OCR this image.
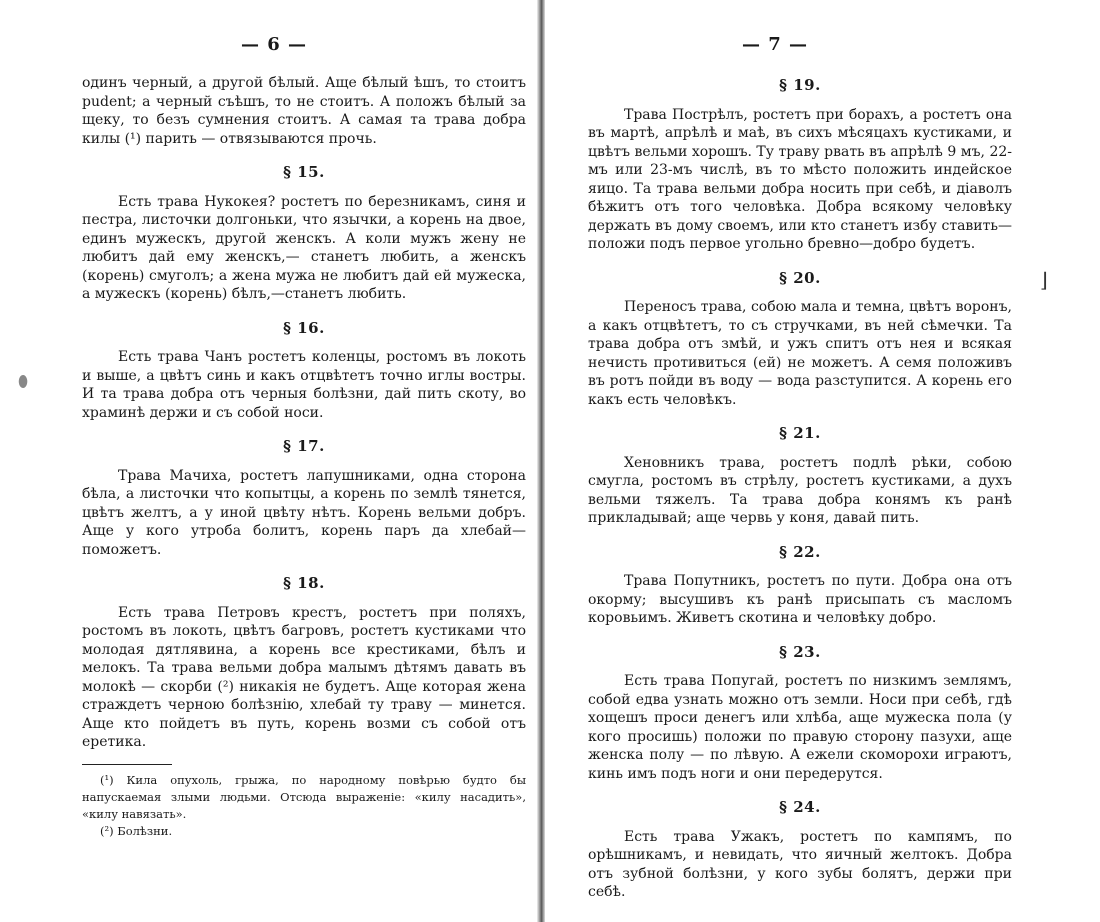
⬮
⌋
— 6 —

одинъ черный, а другой бѣлый. Аще бѣлый ѣшъ, то стоитъ pudent; а черный съѣшъ, то не стоитъ. А положъ бѣлый за щеку, то безъ сумнения стоитъ. А самая та трава добра килы (¹) парить — отвязываются прочь.

§ 15.

Есть трава Нукокея? ростетъ по березникамъ, синя и пестра, листочки долгоньки, что язычки, а корень на двое, единъ мужескъ, другой женскъ. А коли мужъ жену не любитъ дай ему женскъ,— станетъ любить, а женскъ (корень) смуголъ; а жена мужа не любитъ дай ей мужеска, а мужескъ (корень) бѣлъ,—станетъ любить.

§ 16.

Есть трава Чанъ ростетъ коленцы, ростомъ въ локоть и выше, а цвѣтъ синь и какъ отцвѣтетъ точно иглы востры. И та трава добра отъ черныя болѣзни, дай пить скоту, во храминѣ держи и съ собой носи.

§ 17.

Трава Мачиха, ростетъ лапушниками, одна сторона бѣла, а листочки что копытцы, а корень по землѣ тянется, цвѣтъ желтъ, а у иной цвѣту нѣтъ. Корень вельми добръ. Аще у кого утроба болитъ, корень паръ да хлебай—поможетъ.

§ 18.

Есть трава Петровъ крестъ, ростетъ при поляхъ, ростомъ въ локоть, цвѣтъ багровъ, ростетъ кустиками что молодая дятлявина, а корень все крестиками, бѣлъ и мелокъ. Та трава вельми добра малымъ дѣтямъ давать въ молокѣ — скорби (²) никакія не будетъ. Аще которая жена страждетъ черною болѣзнію, хлебай ту траву — минется. Аще кто пойдетъ въ путь, корень возми съ собой отъ еретика.

(¹) Кила опухоль, грыжа, по народному повѣрью будто бы напускаемая злыми людьми. Отсюда выраженіе: «килу насадить», «килу навязать».

(²) Болѣзни.

— 7 —
§ 19.

Трава Пострѣлъ, ростетъ при борахъ, а ростетъ она въ мартѣ, апрѣлѣ и маѣ, въ сихъ мѣсяцахъ кустиками, и цвѣтъ вельми хорошъ. Ту траву рвать въ апрѣлѣ 9 мъ, 22-мъ или 23-мъ числѣ, въ то мѣсто положить индейское яицо. Та трава вельми добра носить при себѣ, и діаволъ бѣжитъ отъ того человѣка. Добра всякому человѣку держать въ дому своемъ, или кто станетъ избу ставить—положи подъ первое угольно бревно—добро будетъ.

§ 20.

Переносъ трава, собою мала и темна, цвѣтъ воронъ, а какъ отцвѣтетъ, то съ стручками, въ ней сѣмечки. Та трава добра отъ змѣй, и ужъ спитъ отъ нея и всякая нечисть противиться (ей) не можетъ. А семя положивъ въ ротъ пойди въ воду — вода разступится. А корень его какъ есть человѣкъ.

§ 21.

Хеновникъ трава, ростетъ подлѣ рѣки, собою смугла, ростомъ въ стрѣлу, ростетъ кустиками, а духъ вельми тяжелъ. Та трава добра конямъ къ ранѣ прикладывай; аще червь у коня, давай пить.

§ 22.

Трава Попутникъ, ростетъ по пути. Добра она отъ окорму; высушивъ къ ранѣ присыпать съ масломъ коровьимъ. Живетъ скотина и человѣку добро.

§ 23.

Есть трава Попугай, ростетъ по низкимъ землямъ, собой едва узнать можно отъ земли. Носи при себѣ, гдѣ хощешъ проси денегъ или хлѣба, аще мужеска пола (у кого просишь) положи по правую сторону пазухи, аще женска полу — по лѣвую. А ежели скоморохи играютъ, кинь имъ подъ ноги и они передерутся.

§ 24.

Есть трава Ужакъ, ростетъ по кампямъ, по орѣшникамъ, и невидать, что яичный желтокъ. Добра отъ зубной болѣзни, у кого зубы болятъ, держи при себѣ.
